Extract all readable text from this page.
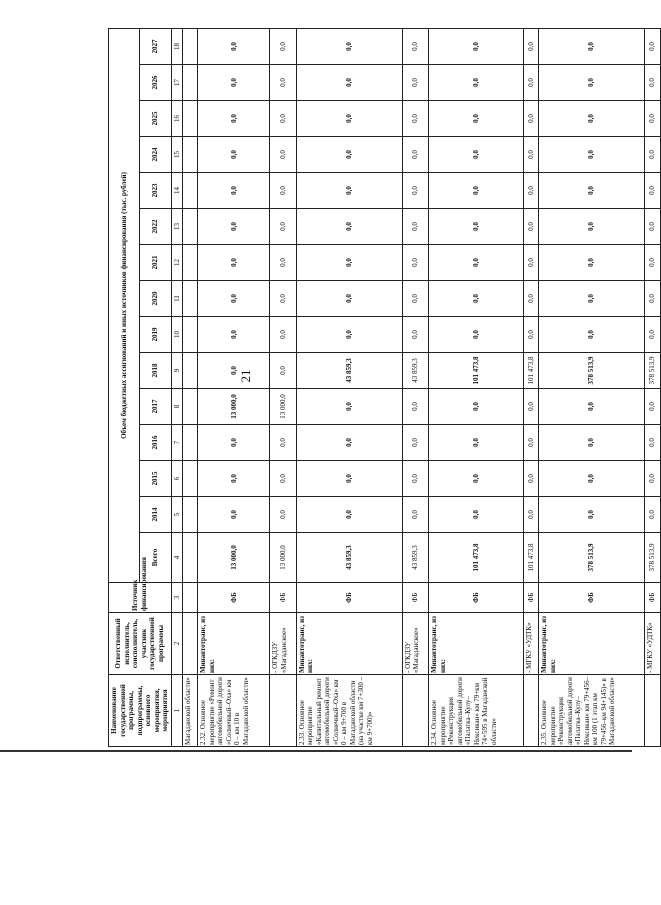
21
Наименование государственной программы, подпрограммы, основного мероприятия, мероприятия	Ответственный исполнитель, соисполнитель, участник государственной программы	Источник финансирования	Объем бюджетных ассигнований и иных источников финансирования (тыс. рублей)														
			Всего	2014	2015	2016	2017	2018	2019	2020	2021	2022	2023	2024	2025	2026	2027
1	2	3	4	5	6	7	8	9	10	11	12	13	14	15	16	17	18
Магаданской области»																	
2.32. Основное мероприятие «Ремонт автомобильной дороги «Солнечный–Оха» км 0 – км 10 в Магаданской области»	Минавтотранс, из них:	ФБ	13 000,0	0,0	0,0	0,0	13 000,0	0,0	0,0	0,0	0,0	0,0	0,0	0,0	0,0	0,0	0,0
	- ОГКДЗУ «Магаданское»	ФБ	13 000,0	0,0	0,0	0,0	13 000,0	0,0	0,0	0,0	0,0	0,0	0,0	0,0	0,0	0,0	0,0
2.33. Основное мероприятие «Капитальный ремонт автомобильной дороги «Солнечный–Оха» км 0 – км 9+700 в Магаданской области (на участке км 7+300 – км 9+700)»	Минавтотранс, из них:	ФБ	43 859,3	0,0	0,0	0,0	0,0	43 859,3	0,0	0,0	0,0	0,0	0,0	0,0	0,0	0,0	0,0
	- ОГКДЗУ «Магаданское»	ФБ	43 859,3	0,0	0,0	0,0	0,0	43 859,3	0,0	0,0	0,0	0,0	0,0	0,0	0,0	0,0	0,0
2.34. Основное мероприятие «Реконструкция автомобильной дороги «Палатка–Кулу–Нексикан» км 79+км 74+595 в Магаданской области»	Минавтотранс, из них:	ФБ	101 473,8	0,0	0,0	0,0	0,0	101 473,8	0,0	0,0	0,0	0,0	0,0	0,0	0,0	0,0	0,0
	- МГКУ «УДТК»	ФБ	101 473,8	0,0	0,0	0,0	0,0	101 473,8	0,0	0,0	0,0	0,0	0,0	0,0	0,0	0,0	0,0
2.35. Основное мероприятие «Реконструкция автомобильной дороги «Палатка–Кулу–Нексикан» км 79+456–км 100 (1 этап км 79+456–км 94+145)» в Магаданской области»	Минавтотранс, из них:	ФБ	378 513,9	0,0	0,0	0,0	0,0	378 513,9	0,0	0,0	0,0	0,0	0,0	0,0	0,0	0,0	0,0
	- МГКУ «УДТК»	ФБ	378 513,9	0,0	0,0	0,0	0,0	378 513,9	0,0	0,0	0,0	0,0	0,0	0,0	0,0	0,0	0,0
